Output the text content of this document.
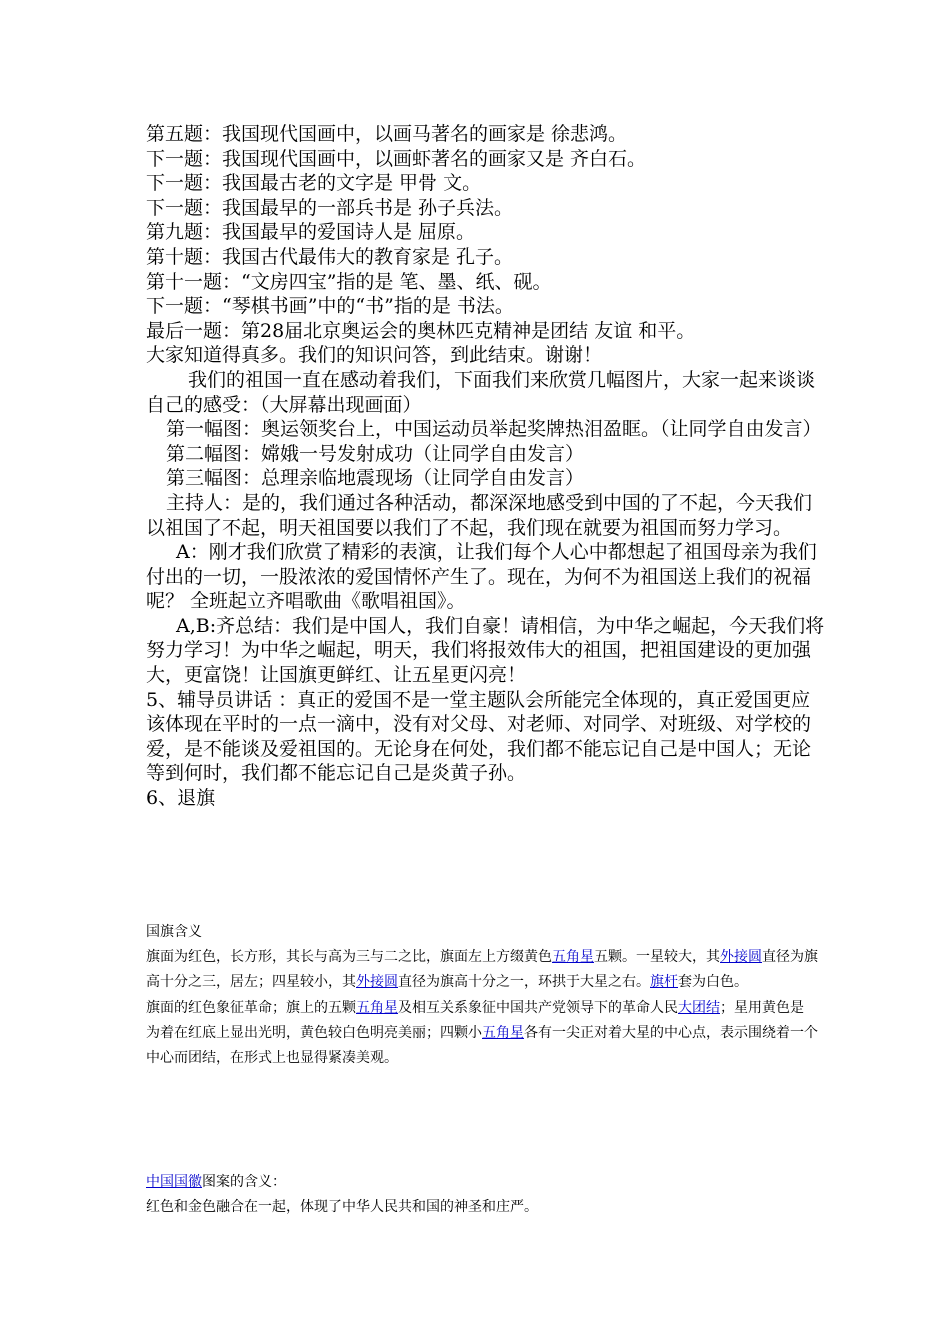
第五题：我国现代国画中，以画马著名的画家是 徐悲鸿。

下一题：我国现代国画中，以画虾著名的画家又是 齐白石。

下一题：我国最古老的文字是 甲骨 文。

下一题：我国最早的一部兵书是 孙子兵法。

第九题：我国最早的爱国诗人是 屈原。

第十题：我国古代最伟大的教育家是 孔子。

第十一题：“文房四宝”指的是 笔、墨、纸、砚。

下一题：“琴棋书画”中的“书”指的是 书法。

最后一题：第28届北京奥运会的奥林匹克精神是团结 友谊 和平。

大家知道得真多。我们的知识问答，到此结束。谢谢！

我们的祖国一直在感动着我们，下面我们来欣赏几幅图片，大家一起来谈谈自己的感受：（大屏幕出现画面）

第一幅图：奥运领奖台上，中国运动员举起奖牌热泪盈眶。（让同学自由发言）

第二幅图：嫦娥一号发射成功（让同学自由发言）

第三幅图：总理亲临地震现场（让同学自由发言）

主持人：是的，我们通过各种活动，都深深地感受到中国的了不起，今天我们以祖国了不起，明天祖国要以我们了不起，我们现在就要为祖国而努力学习。

A：刚才我们欣赏了精彩的表演，让我们每个人心中都想起了祖国母亲为我们付出的一切，一股浓浓的爱国情怀产生了。现在，为何不为祖国送上我们的祝福呢？ 全班起立齐唱歌曲《歌唱祖国》。

A,B:齐总结：我们是中国人，我们自豪！请相信，为中华之崛起，今天我们将努力学习！为中华之崛起，明天，我们将报效伟大的祖国，把祖国建设的更加强大，更富饶！让国旗更鲜红、让五星更闪亮！

5、辅导员讲话 ：真正的爱国不是一堂主题队会所能完全体现的，真正爱国更应该体现在平时的一点一滴中，没有对父母、对老师、对同学、对班级、对学校的爱，是不能谈及爱祖国的。无论身在何处，我们都不能忘记自己是中国人；无论等到何时，我们都不能忘记自己是炎黄子孙。

6、退旗

国旗含义

旗面为红色，长方形，其长与高为三与二之比，旗面左上方缀黄色五角星五颗。一星较大，其外接圆直径为旗高十分之三，居左；四星较小，其外接圆直径为旗高十分之一，环拱于大星之右。旗杆套为白色。

旗面的红色象征革命；旗上的五颗五角星及相互关系象征中国共产党领导下的革命人民大团结；星用黄色是

为着在红底上显出光明，黄色较白色明亮美丽；四颗小五角星各有一尖正对着大星的中心点，表示围绕着一个

中心而团结，在形式上也显得紧凑美观。

中国国徽图案的含义：

红色和金色融合在一起，体现了中华人民共和国的神圣和庄严。
